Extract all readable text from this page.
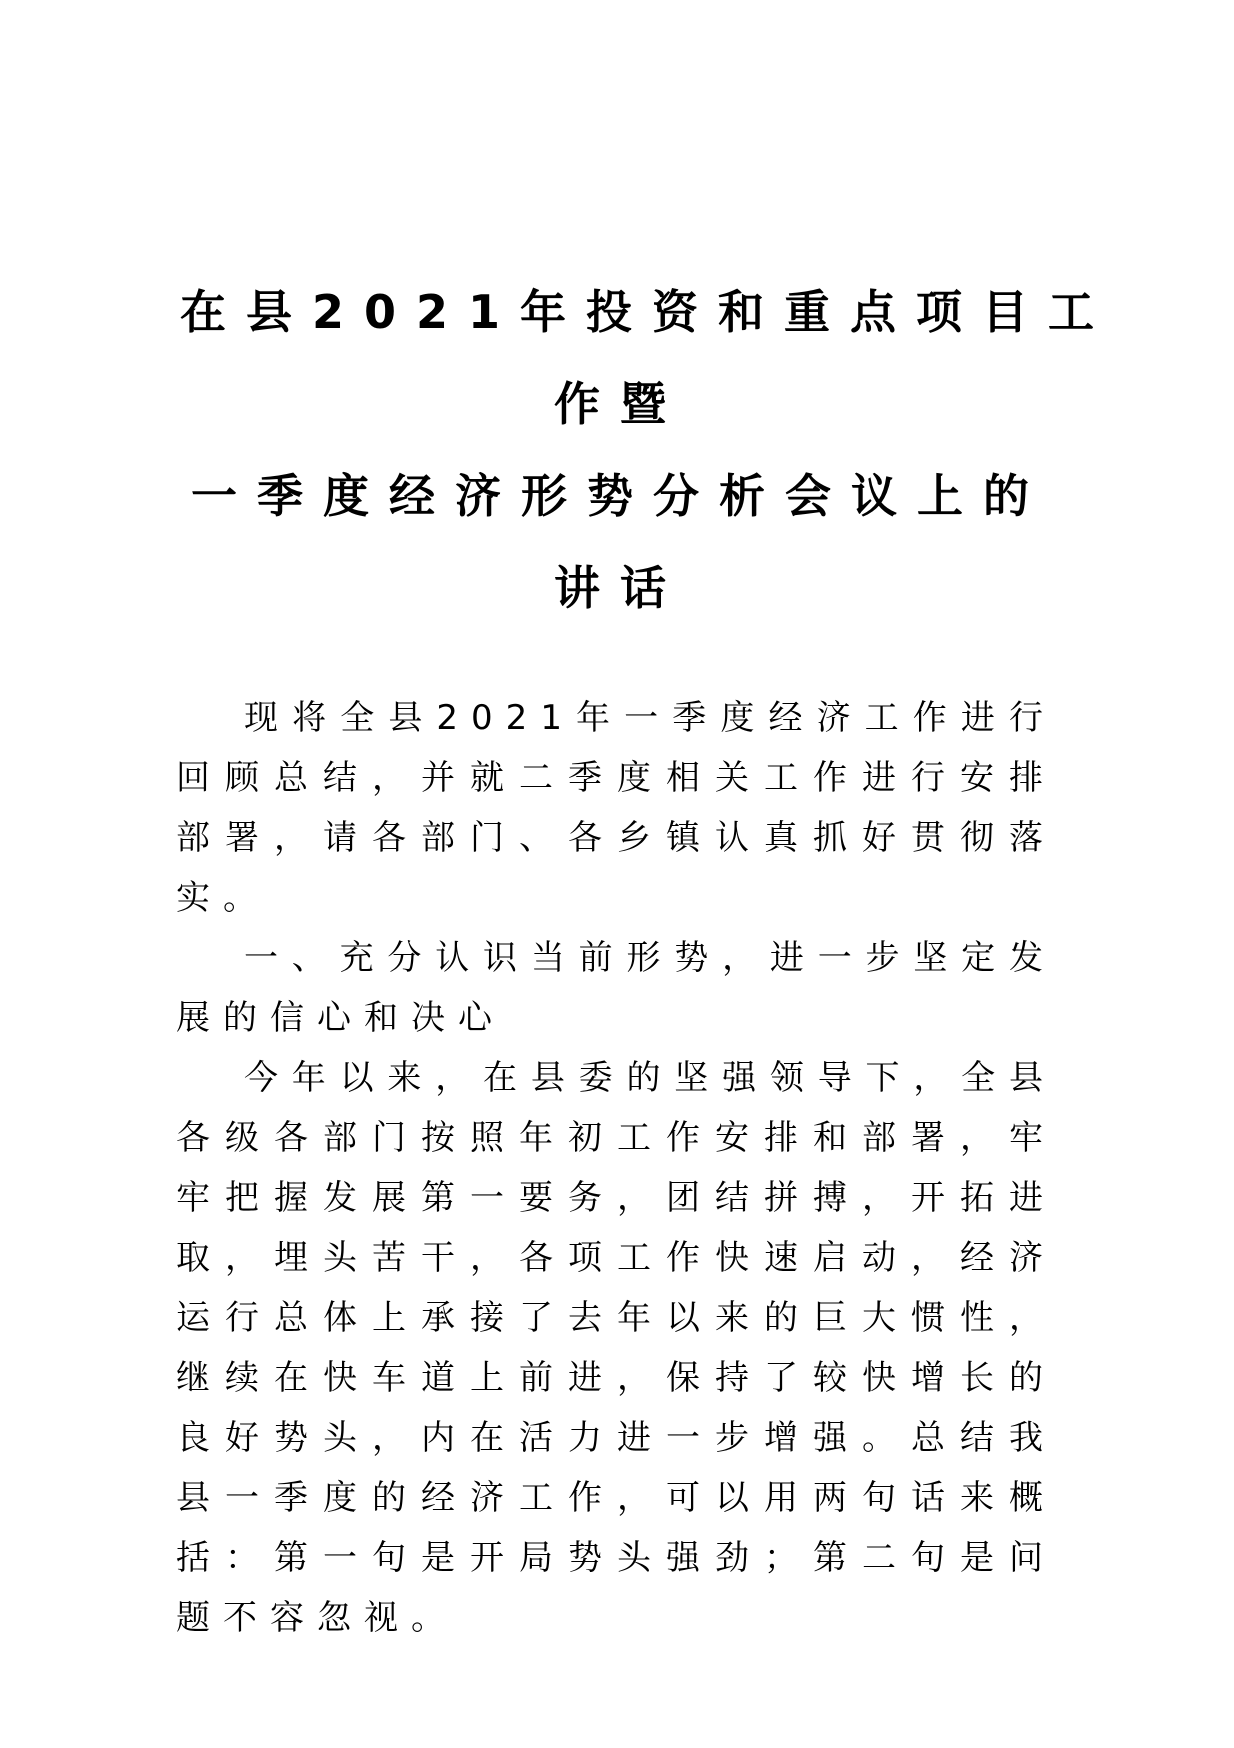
在县2021年投资和重点项目工
作暨
一季度经济形势分析会议上的
讲话

现将全县2021年一季度经济工作进行回顾总结，并就二季度相关工作进行安排部署，请各部门、各乡镇认真抓好贯彻落实。

一、充分认识当前形势，进一步坚定发展的信心和决心

今年以来，在县委的坚强领导下，全县各级各部门按照年初工作安排和部署，牢牢把握发展第一要务，团结拼搏，开拓进取，埋头苦干，各项工作快速启动，经济运行总体上承接了去年以来的巨大惯性，继续在快车道上前进，保持了较快增长的良好势头，内在活力进一步增强。总结我县一季度的经济工作，可以用两句话来概括：第一句是开局势头强劲；第二句是问题不容忽视。
